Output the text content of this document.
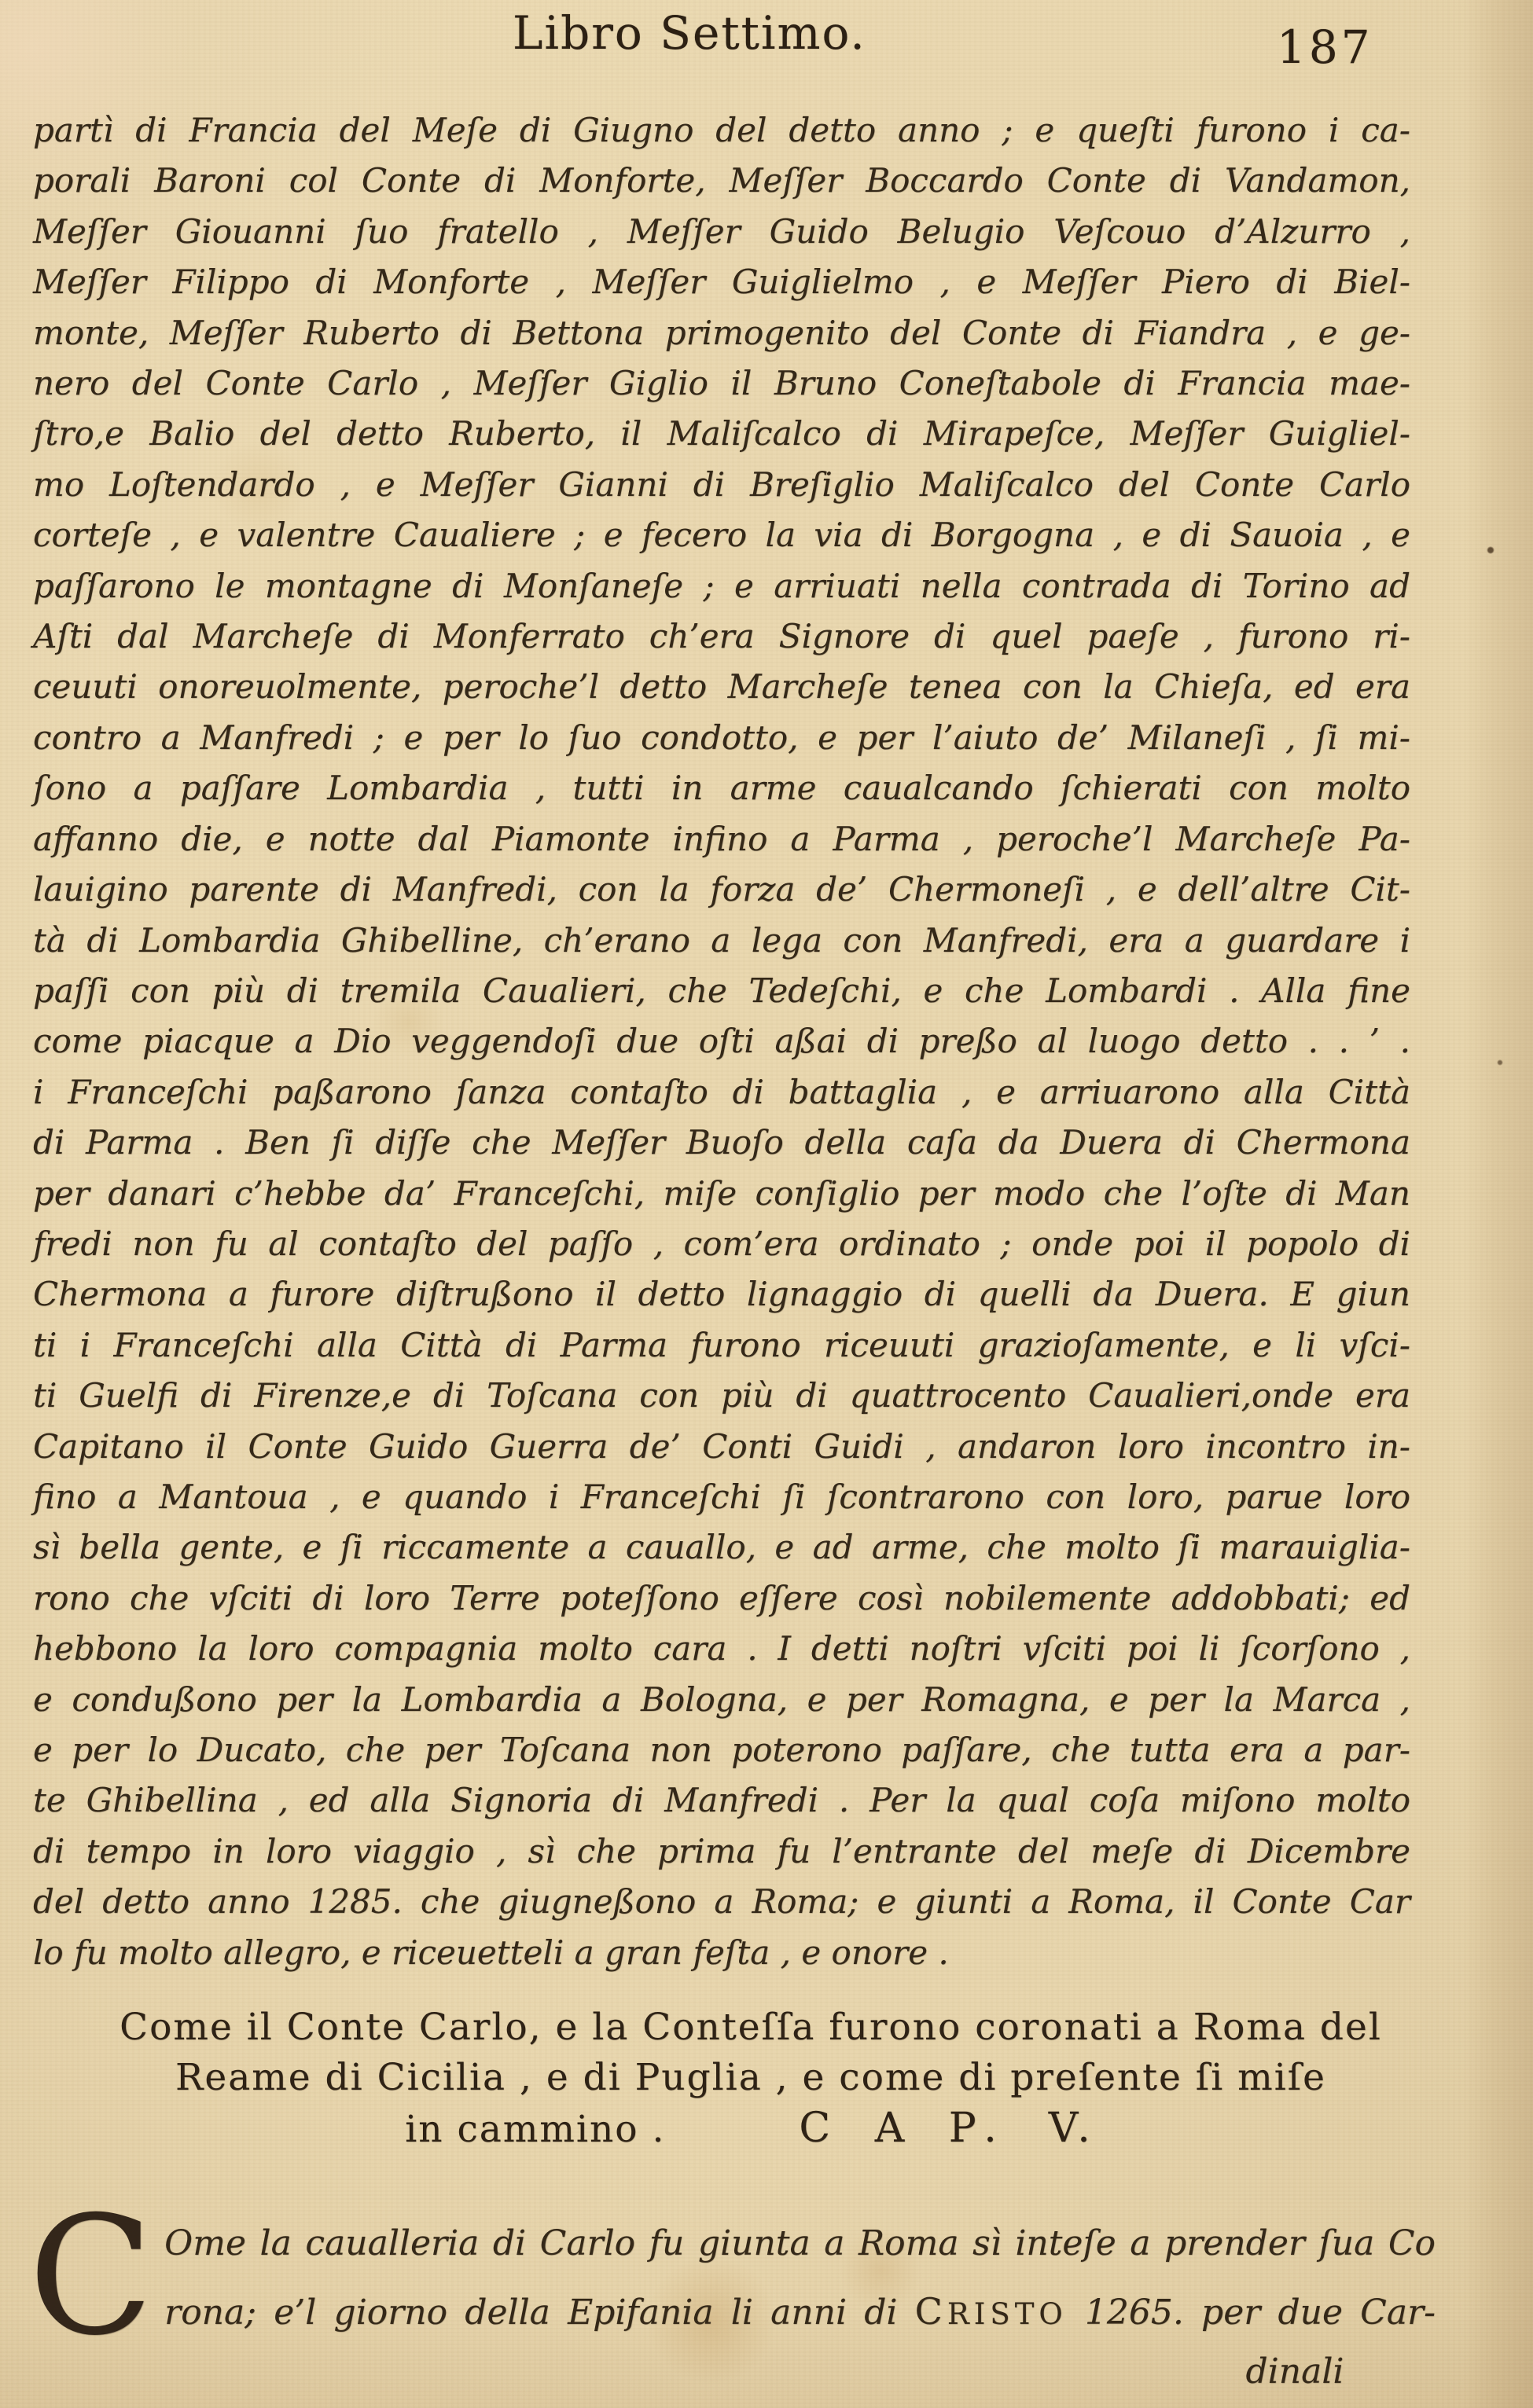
Libro Settimo.	187
partì di Francia del Meſe di Giugno del detto anno ; e queſti furono i ca-
porali Baroni col Conte di Monforte, Meſſer Boccardo Conte di Vandamon,
Meſſer Giouanni ſuo fratello , Meſſer Guido Belugio Veſcouo d’Alzurro ,
Meſſer Filippo di Monforte , Meſſer Guiglielmo , e Meſſer Piero di Biel-
monte, Meſſer Ruberto di Bettona primogenito del Conte di Fiandra , e ge-
nero del Conte Carlo , Meſſer Giglio il Bruno Coneſtabole di Francia mae-
ſtro,e Balio del detto Ruberto, il Maliſcalco di Mirapeſce, Meſſer Guigliel-
mo Loſtendardo , e Meſſer Gianni di Breſiglio Maliſcalco del Conte Carlo
corteſe , e valentre Caualiere ; e fecero la via di Borgogna , e di Sauoia , e
paſſarono le montagne di Monſaneſe ; e arriuati nella contrada di Torino ad
Aſti dal Marcheſe di Monferrato ch’era Signore di quel paeſe , furono ri-
ceuuti onoreuolmente, peroche’l detto Marcheſe tenea con la Chieſa, ed era
contro a Manfredi ; e per lo ſuo condotto, e per l’aiuto de’ Milaneſi , ſi mi-
ſono a paſſare Lombardia , tutti in arme caualcando ſchierati con molto
affanno die, e notte dal Piamonte infino a Parma , peroche’l Marcheſe Pa-
lauigino parente di Manfredi, con la forza de’ Chermoneſi , e dell’altre Cit-
tà di Lombardia Ghibelline, ch’erano a lega con Manfredi, era a guardare i
paſſi con più di tremila Caualieri, che Tedeſchi, e che Lombardi . Alla fine
come piacque a Dio veggendoſi due oſti aßai di preßo al luogo detto . . ’ .
i Franceſchi paßarono ſanza contaſto di battaglia , e arriuarono alla Città
di Parma . Ben ſi diſſe che Meſſer Buoſo della caſa da Duera di Chermona
per danari c’hebbe da’ Franceſchi, miſe conſiglio per modo che l’oſte di Man
fredi non fu al contaſto del paſſo , com’era ordinato ; onde poi il popolo di
Chermona a furore diſtrußono il detto lignaggio di quelli da Duera. E giun
ti i Franceſchi alla Città di Parma furono riceuuti grazioſamente, e li vſci-
ti Guelfi di Firenze,e di Toſcana con più di quattrocento Caualieri,onde era
Capitano il Conte Guido Guerra de’ Conti Guidi , andaron loro incontro in-
fino a Mantoua , e quando i Franceſchi ſi ſcontrarono con loro, parue loro
sì bella gente, e ſi riccamente a cauallo, e ad arme, che molto ſi marauiglia-
rono che vſciti di loro Terre poteſſono eſſere così nobilemente addobbati; ed
hebbono la loro compagnia molto cara . I detti noſtri vſciti poi li ſcorſono ,
e condußono per la Lombardia a Bologna, e per Romagna, e per la Marca ,
e per lo Ducato, che per Toſcana non poterono paſſare, che tutta era a par-
te Ghibellina , ed alla Signoria di Manfredi . Per la qual coſa miſono molto
di tempo in loro viaggio , sì che prima fu l’entrante del meſe di Dicembre
del detto anno 1285. che giugneßono a Roma; e giunti a Roma, il Conte Car
lo fu molto allegro, e riceuetteli a gran feſta , e onore .
Come il Conte Carlo, e la Conteſſa furono coronati a Roma del
Reame di Cicilia , e di Puglia , e come di preſente ſi miſe
in cammino .	C A P. V.
C Ome la caualleria di Carlo fu giunta a Roma sì inteſe a prender ſua Co
rona; e’l giorno della Epifania li anni di CRISTO 1265. per due Car-
dinali
